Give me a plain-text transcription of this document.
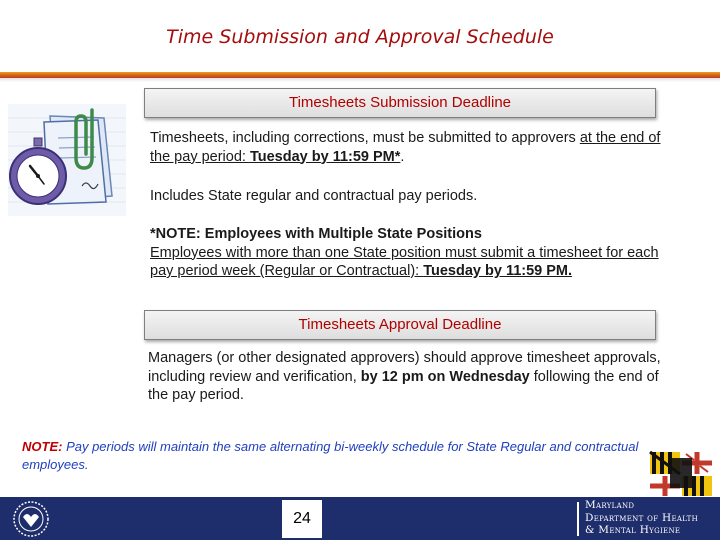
Time Submission and Approval Schedule
Timesheets Submission Deadline
Timesheets, including corrections, must be submitted to approvers at the end of the pay period: Tuesday by 11:59 PM*.
Includes State regular and contractual pay periods.
*NOTE: Employees with Multiple State Positions
Employees with more than one State position must submit a timesheet for each pay period week (Regular or Contractual): Tuesday by 11:59 PM.
Timesheets Approval Deadline
Managers (or other designated approvers) should approve timesheet approvals, including review and verification, by 12 pm on Wednesday following the end of the pay period.
NOTE: Pay periods will maintain the same alternating bi-weekly schedule for State Regular and contractual employees.
24
Maryland
Department of Health
& Mental Hygiene
